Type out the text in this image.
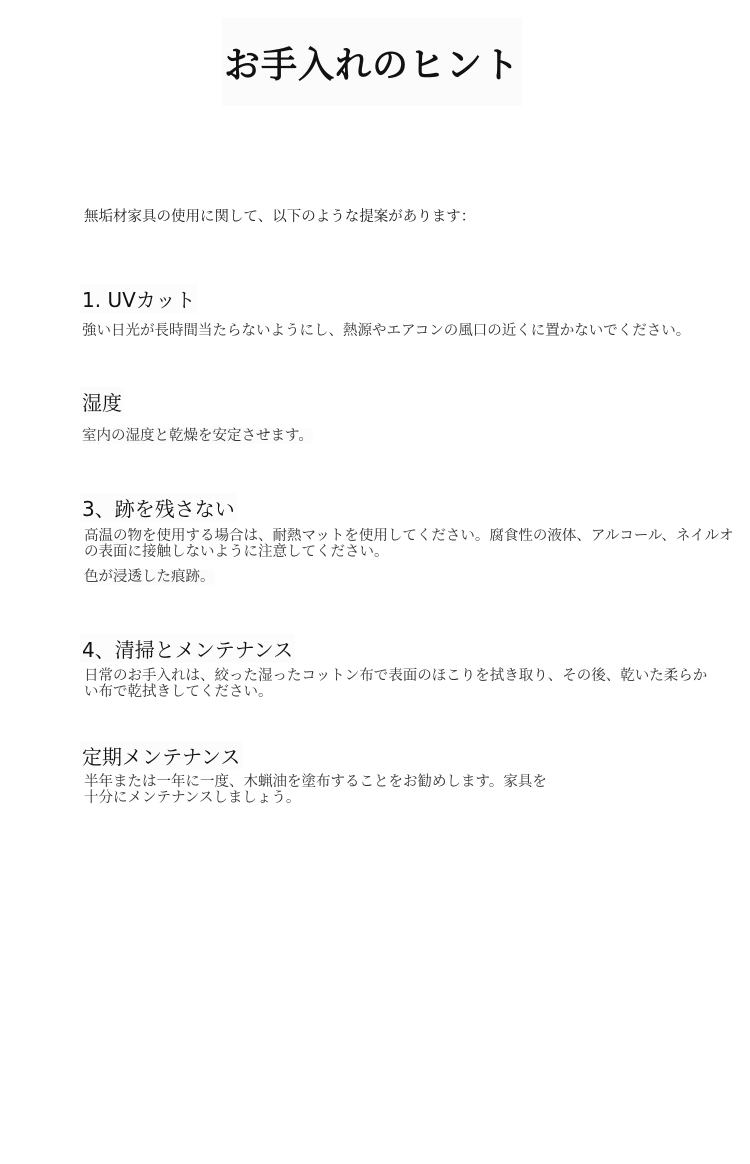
お手入れのヒント
無垢材家具の使用に関して、以下のような提案があります：
1. UVカット
強い日光が長時間当たらないようにし、熱源やエアコンの風口の近くに置かないでください。
湿度
室内の湿度と乾燥を安定させます。
3、跡を残さない
高温の物を使用する場合は、耐熱マットを使用してください。腐食性の液体、アルコール、ネイルオ
の表面に接触しないように注意してください。
色が浸透した痕跡。
4、清掃とメンテナンス
日常のお手入れは、絞った湿ったコットン布で表面のほこりを拭き取り、その後、乾いた柔らか
い布で乾拭きしてください。
定期メンテナンス
半年または一年に一度、木蝋油を塗布することをお勧めします。家具を
十分にメンテナンスしましょう。
